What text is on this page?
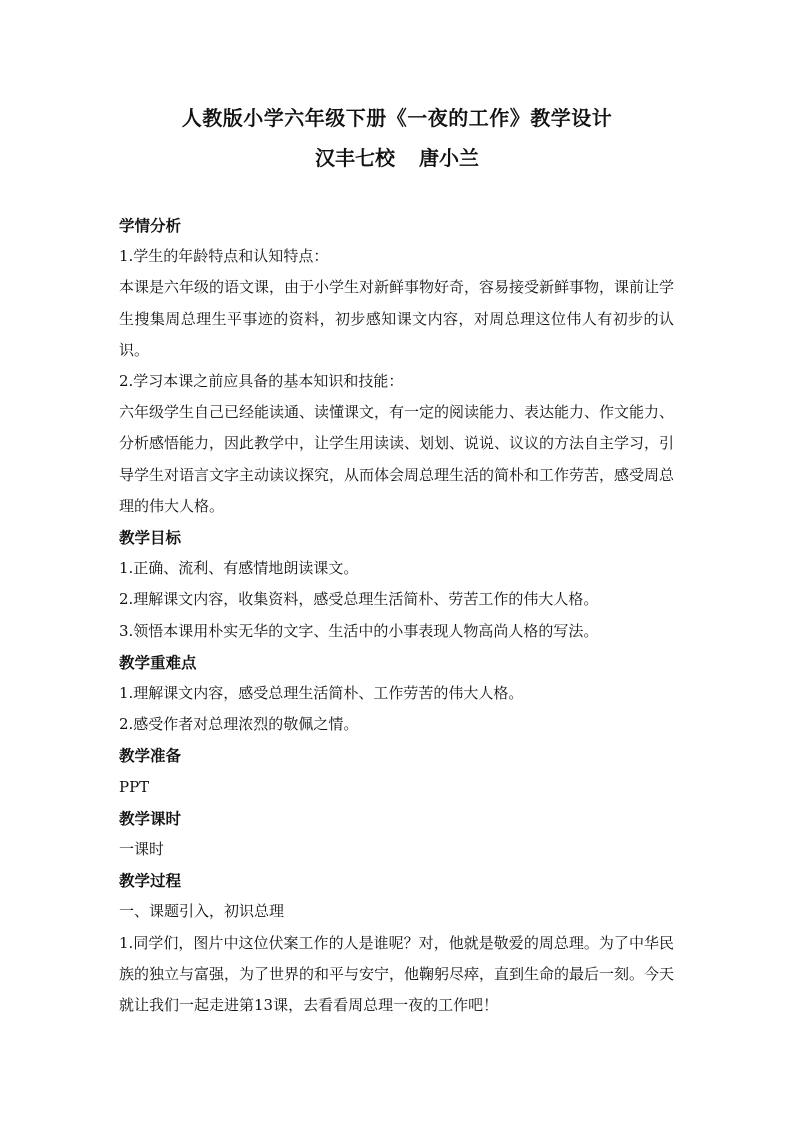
人教版小学六年级下册《一夜的工作》教学设计
汉丰七校 唐小兰
学情分析

1.学生的年龄特点和认知特点：

本课是六年级的语文课，由于小学生对新鲜事物好奇，容易接受新鲜事物，课前让学生搜集周总理生平事迹的资料，初步感知课文内容，对周总理这位伟人有初步的认识。

2.学习本课之前应具备的基本知识和技能：

六年级学生自己已经能读通、读懂课文，有一定的阅读能力、表达能力、作文能力、分析感悟能力，因此教学中，让学生用读读、划划、说说、议议的方法自主学习，引导学生对语言文字主动读议探究，从而体会周总理生活的简朴和工作劳苦，感受周总理的伟大人格。

教学目标

1.正确、流利、有感情地朗读课文。

2.理解课文内容，收集资料，感受总理生活简朴、劳苦工作的伟大人格。

3.领悟本课用朴实无华的文字、生活中的小事表现人物高尚人格的写法。

教学重难点

1.理解课文内容，感受总理生活简朴、工作劳苦的伟大人格。

2.感受作者对总理浓烈的敬佩之情。

教学准备

PPT

教学课时

一课时

教学过程

一、课题引入，初识总理

1.同学们，图片中这位伏案工作的人是谁呢？对，他就是敬爱的周总理。为了中华民族的独立与富强，为了世界的和平与安宁，他鞠躬尽瘁，直到生命的最后一刻。今天就让我们一起走进第13课，去看看周总理一夜的工作吧！
